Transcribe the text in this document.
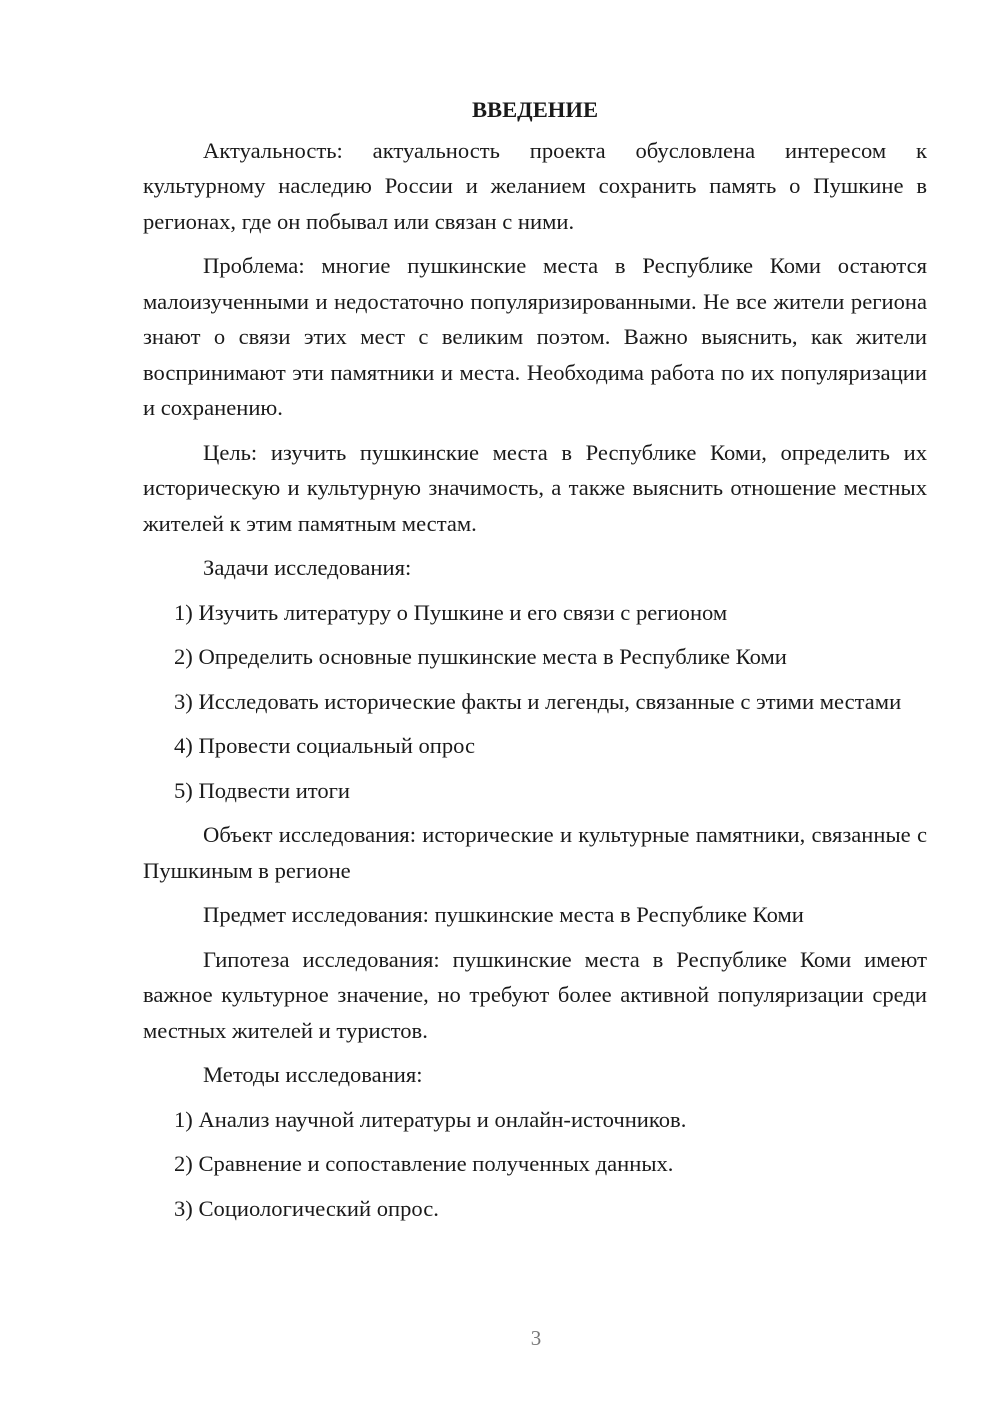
ВВЕДЕНИЕ

Актуальность: актуальность проекта обусловлена интересом к культурному наследию России и желанием сохранить память о Пушкине в регионах, где он побывал или связан с ними.

Проблема: многие пушкинские места в Республике Коми остаются малоизученными и недостаточно популяризированными. Не все жители региона знают о связи этих мест с великим поэтом. Важно выяснить, как жители воспринимают эти памятники и места. Необходима работа по их популяризации и сохранению.

Цель: изучить пушкинские места в Республике Коми, определить их историческую и культурную значимость, а также выяснить отношение местных жителей к этим памятным местам.

Задачи исследования:

1) Изучить литературу о Пушкине и его связи с регионом

2) Определить основные пушкинские места в Республике Коми

3) Исследовать исторические факты и легенды, связанные с этими местами

4) Провести социальный опрос

5) Подвести итоги

Объект исследования: исторические и культурные памятники, связанные с Пушкиным в регионе

Предмет исследования: пушкинские места в Республике Коми

Гипотеза исследования: пушкинские места в Республике Коми имеют важное культурное значение, но требуют более активной популяризации среди местных жителей и туристов.

Методы исследования:

1) Анализ научной литературы и онлайн-источников.

2) Сравнение и сопоставление полученных данных.

3) Социологический опрос.

3
